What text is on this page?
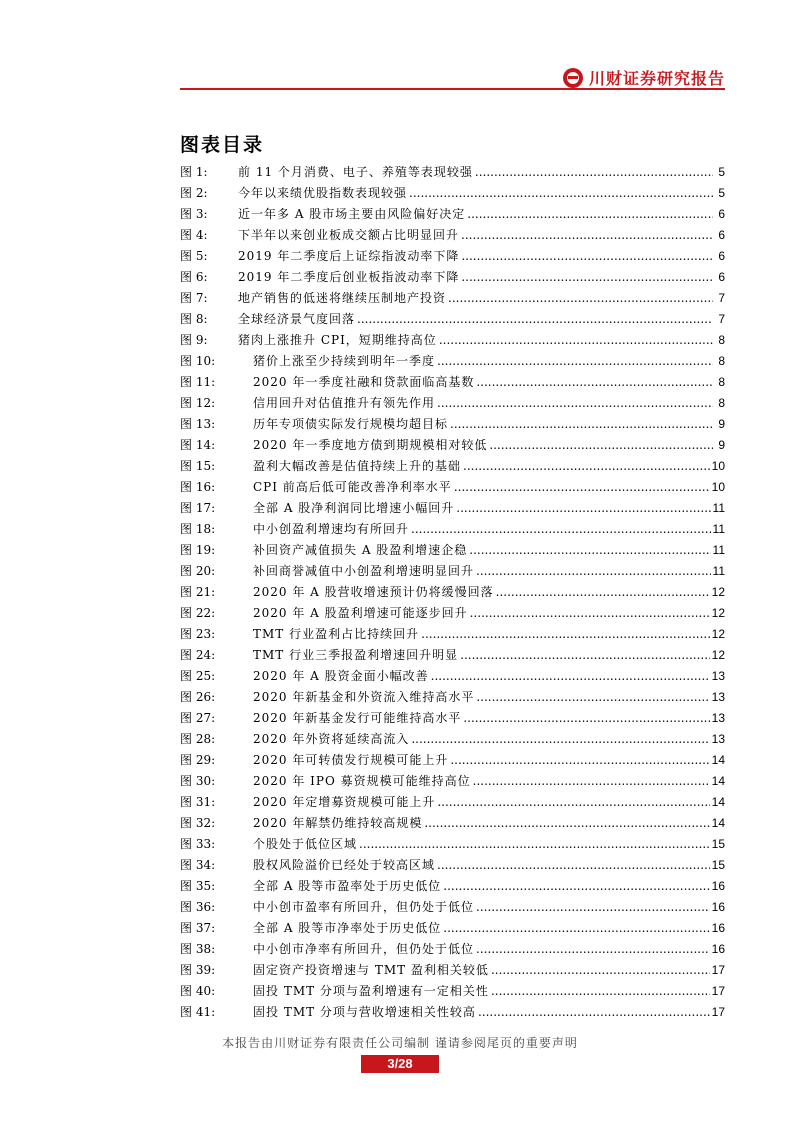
川财证券研究报告
图表目录
图 1:	前 11 个月消费、电子、养殖等表现较强 .....	5
图 2:	今年以来绩优股指数表现较强 .....	5
图 3:	近一年多 A 股市场主要由风险偏好决定 .....	6
图 4:	下半年以来创业板成交额占比明显回升 .....	6
图 5:	2019 年二季度后上证综指波动率下降 .....	6
图 6:	2019 年二季度后创业板指波动率下降 .....	6
图 7:	地产销售的低迷将继续压制地产投资 .....	7
图 8:	全球经济景气度回落 .....	7
图 9:	猪肉上涨推升 CPI，短期维持高位 .....	8
图 10:	猪价上涨至少持续到明年一季度 .....	8
图 11:	2020 年一季度社融和贷款面临高基数 .....	8
图 12:	信用回升对估值推升有领先作用 .....	8
图 13:	历年专项债实际发行规模均超目标 .....	9
图 14:	2020 年一季度地方债到期规模相对较低 .....	9
图 15:	盈利大幅改善是估值持续上升的基础 .....	10
图 16:	CPI 前高后低可能改善净利率水平 .....	10
图 17:	全部 A 股净利润同比增速小幅回升 .....	11
图 18:	中小创盈利增速均有所回升 .....	11
图 19:	补回资产减值损失 A 股盈利增速企稳 .....	11
图 20:	补回商誉减值中小创盈利增速明显回升 .....	11
图 21:	2020 年 A 股营收增速预计仍将缓慢回落 .....	12
图 22:	2020 年 A 股盈利增速可能逐步回升 .....	12
图 23:	TMT 行业盈利占比持续回升 .....	12
图 24:	TMT 行业三季报盈利增速回升明显 .....	12
图 25:	2020 年 A 股资金面小幅改善 .....	13
图 26:	2020 年新基金和外资流入维持高水平 .....	13
图 27:	2020 年新基金发行可能维持高水平 .....	13
图 28:	2020 年外资将延续高流入 .....	13
图 29:	2020 年可转债发行规模可能上升 .....	14
图 30:	2020 年 IPO 募资规模可能维持高位 .....	14
图 31:	2020 年定增募资规模可能上升 .....	14
图 32:	2020 年解禁仍维持较高规模 .....	14
图 33:	个股处于低位区域 .....	15
图 34:	股权风险溢价已经处于较高区域 .....	15
图 35:	全部 A 股等市盈率处于历史低位 .....	16
图 36:	中小创市盈率有所回升，但仍处于低位 .....	16
图 37:	全部 A 股等市净率处于历史低位 .....	16
图 38:	中小创市净率有所回升，但仍处于低位 .....	16
图 39:	固定资产投资增速与 TMT 盈利相关较低 .....	17
图 40:	固投 TMT 分项与盈利增速有一定相关性 .....	17
图 41:	固投 TMT 分项与营收增速相关性较高 .....	17
本报告由川财证券有限责任公司编制 谨请参阅尾页的重要声明
3/28
